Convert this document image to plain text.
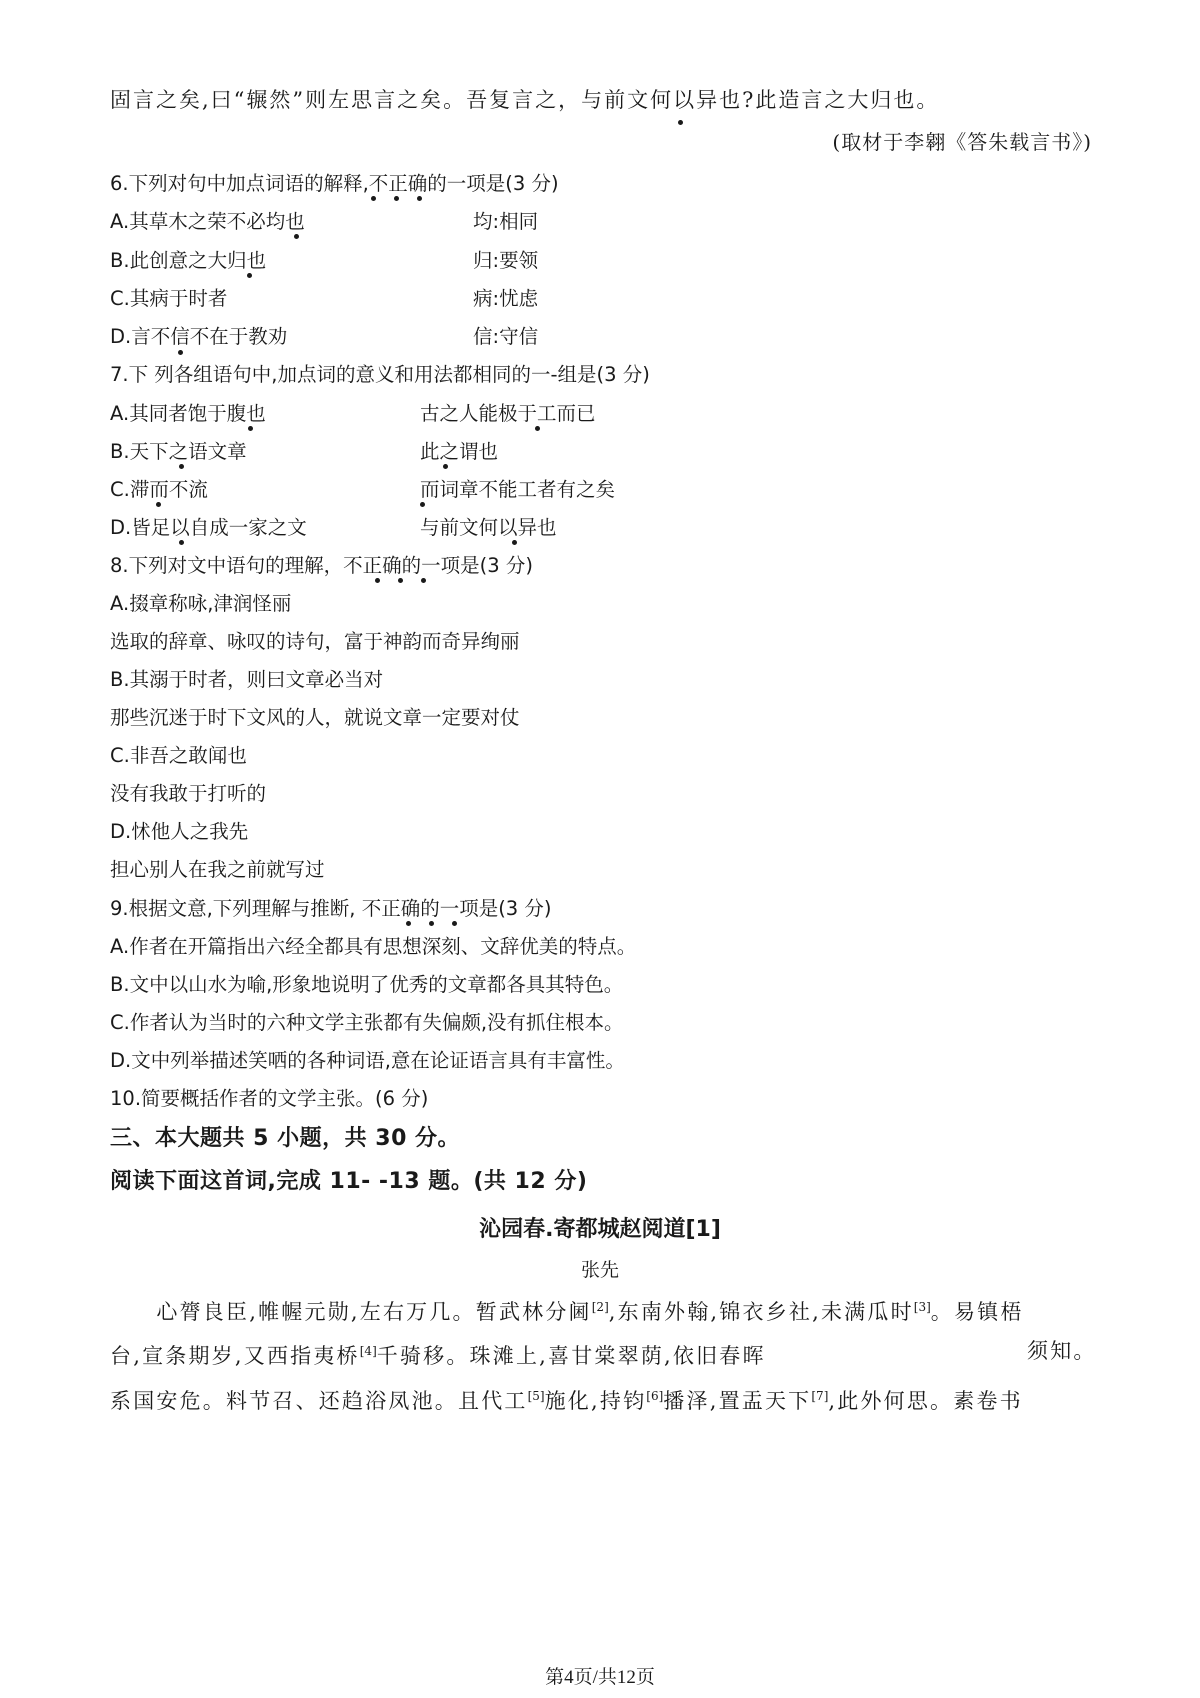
固言之矣,曰“辗然”则左思言之矣。吾复言之，与前文何以异也?此造言之大归也。
(取材于李翱《答朱载言书》)
6.下列对句中加点词语的解释,不正确的一项是(3 分)
A.其草木之荣不必均也	均:相同
B.此创意之大归也	归:要领
C.其病于时者	病:忧虑
D.言不信不在于教劝	信:守信
7.下 列各组语句中,加点词的意义和用法都相同的一-组是(3 分)
A.其同者饱于腹也	古之人能极于工而已
B.天下之语文章	此之谓也
C.滞而不流	而词章不能工者有之矣
D.皆足以自成一家之文	与前文何以异也
8.下列对文中语句的理解，不正确的一项是(3 分)
A.掇章称咏,津润怪丽
选取的辞章、咏叹的诗句，富于神韵而奇异绚丽
B.其溺于时者，则曰文章必当对
那些沉迷于时下文风的人，就说文章一定要对仗
C.非吾之敢闻也
没有我敢于打听的
D.怵他人之我先
担心别人在我之前就写过
9.根据文意,下列理解与推断, 不正确的一项是(3 分)
A.作者在开篇指出六经全都具有思想深刻、文辞优美的特点。
B.文中以山水为喻,形象地说明了优秀的文章都各具其特色。
C.作者认为当时的六种文学主张都有失偏颇,没有抓住根本。
D.文中列举描述笑哂的各种词语,意在论证语言具有丰富性。
10.简要概括作者的文学主张。(6 分)
三、本大题共 5 小题，共 30 分。
阅读下面这首词,完成 11- -13 题。(共 12 分)
沁园春.寄都城赵阅道[1]
张先
　　心膂良臣,帷幄元勋,左右万几。暂武林分阃[2],东南外翰,锦衣乡社,未满瓜时[3]。易镇梧
台,宣条期岁,又西指夷桥[4]千骑移。珠滩上,喜甘棠翠荫,依旧春晖	须知。
系国安危。料节召、还趋浴凤池。且代工[5]施化,持钧[6]播泽,置盂天下[7],此外何思。素卷书
第4页/共12页
